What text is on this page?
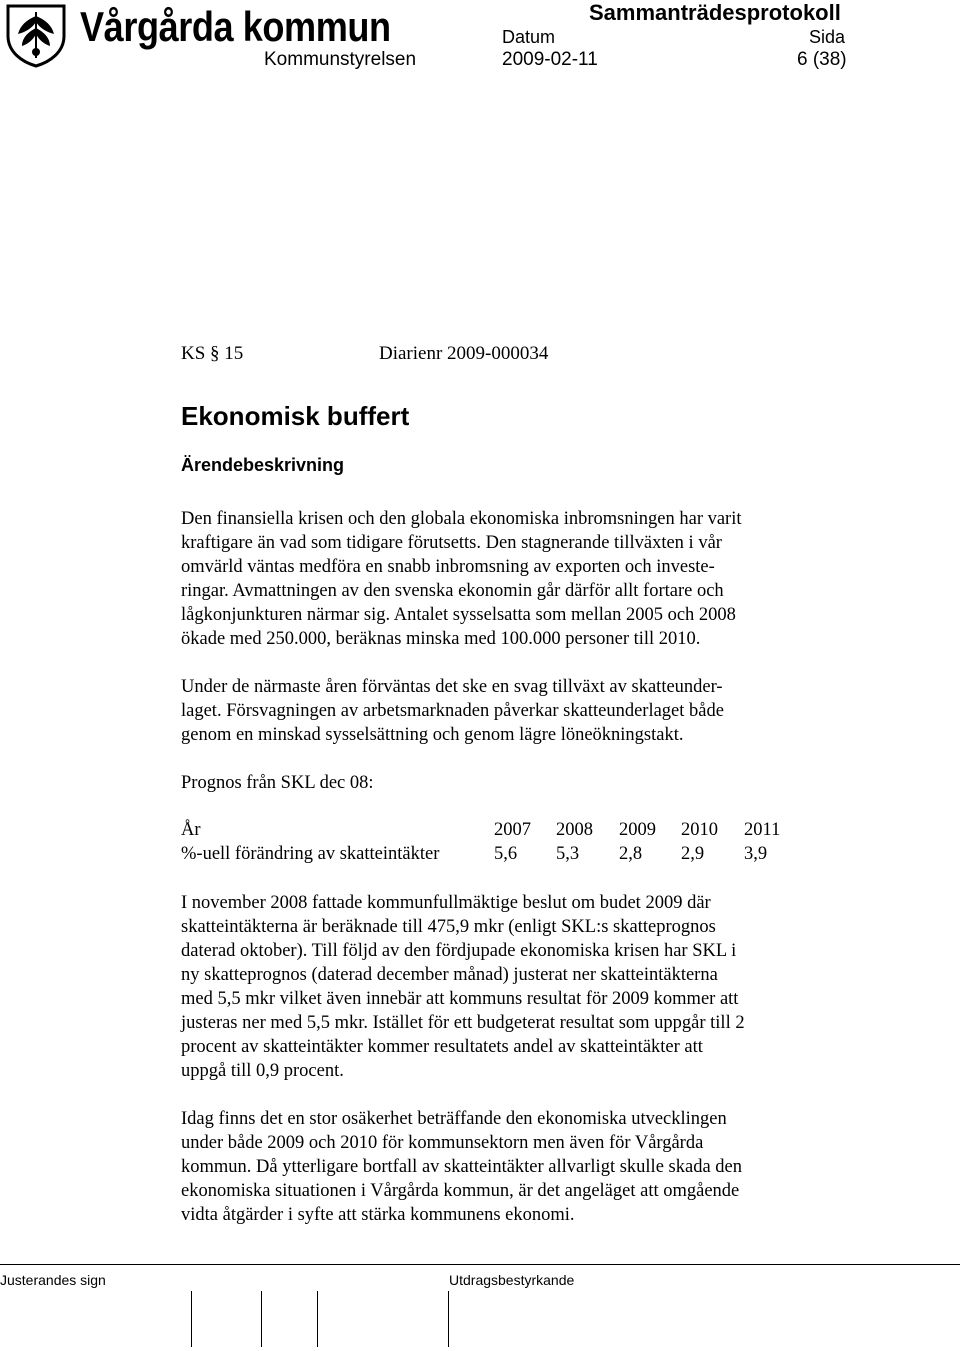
Vårgårda kommun	Sammanträdesprotokoll
Datum	Sida
Kommunstyrelsen	2009-02-11	6 (38)
KS § 15	Diarienr 2009-000034
Ekonomisk buffert
Ärendebeskrivning
Den finansiella krisen och den globala ekonomiska inbromsningen har varit
kraftigare än vad som tidigare förutsetts. Den stagnerande tillväxten i vår
omvärld väntas medföra en snabb inbromsning av exporten och investe-
ringar. Avmattningen av den svenska ekonomin går därför allt fortare och
lågkonjunkturen närmar sig. Antalet sysselsatta som mellan 2005 och 2008
ökade med 250.000, beräknas minska med 100.000 personer till 2010.
Under de närmaste åren förväntas det ske en svag tillväxt av skatteunder-
laget. Försvagningen av arbetsmarknaden påverkar skatteunderlaget både
genom en minskad sysselsättning och genom lägre löneökningstakt.
Prognos från SKL dec 08:
År	2007 2008 2009 2010 2011
%-uell förändring av skatteintäkter	5,6 5,3 2,8 2,9 3,9
I november 2008 fattade kommunfullmäktige beslut om budet 2009 där
skatteintäkterna är beräknade till 475,9 mkr (enligt SKL:s skatteprognos
daterad oktober). Till följd av den fördjupade ekonomiska krisen har SKL i
ny skatteprognos (daterad december månad) justerat ner skatteintäkterna
med 5,5 mkr vilket även innebär att kommuns resultat för 2009 kommer att
justeras ner med 5,5 mkr. Istället för ett budgeterat resultat som uppgår till 2
procent av skatteintäkter kommer resultatets andel av skatteintäkter att
uppgå till 0,9 procent.
Idag finns det en stor osäkerhet beträffande den ekonomiska utvecklingen
under både 2009 och 2010 för kommunsektorn men även för Vårgårda
kommun. Då ytterligare bortfall av skatteintäkter allvarligt skulle skada den
ekonomiska situationen i Vårgårda kommun, är det angeläget att omgående
vidta åtgärder i syfte att stärka kommunens ekonomi.
Justerandes sign	Utdragsbestyrkande
